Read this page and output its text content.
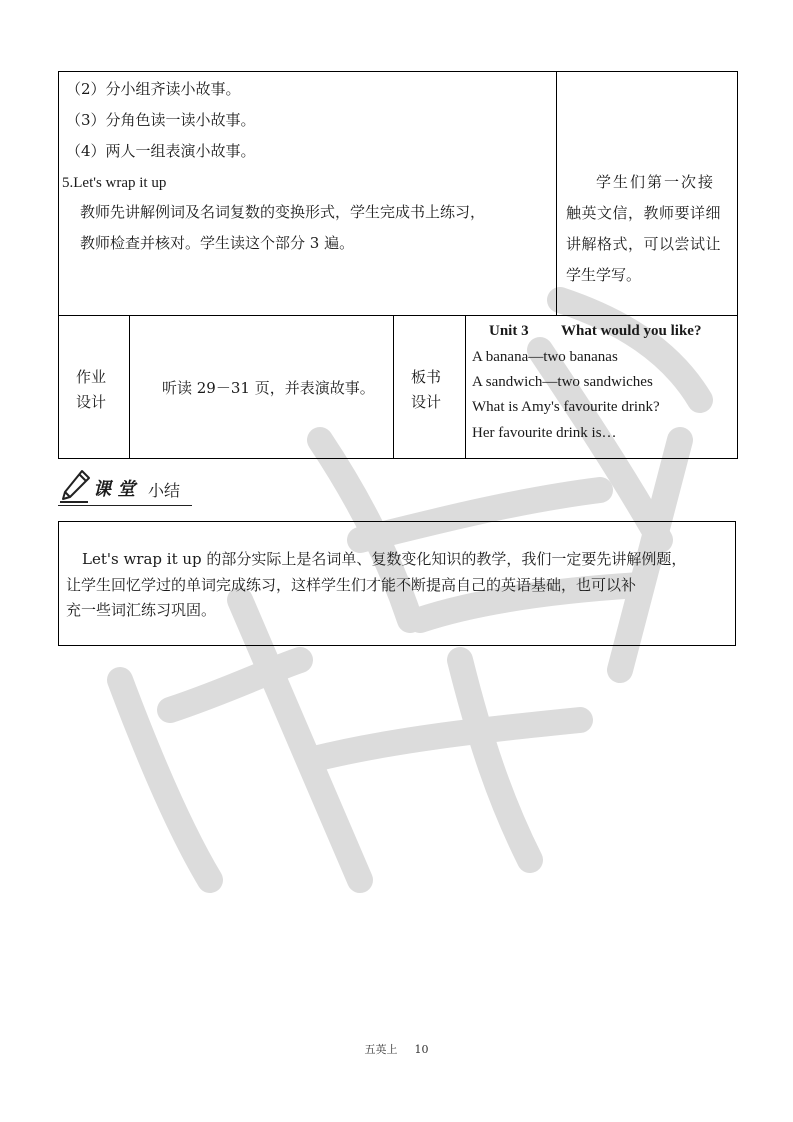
（2）分小组齐读小故事。
（3）分角色读一读小故事。
（4）两人一组表演小故事。
5.Let's wrap it up
教师先讲解例词及名词复数的变换形式，学生完成书上练习，
教师检查并核对。学生读这个部分 3 遍。
学生们第一次接
触英文信，教师要详细
讲解格式，可以尝试让
学生学写。
作业
设计
听读 29－31 页，并表演故事。
板书
设计
Unit 3 What would you like?
A banana—two bananas
A sandwich—two sandwiches
What is Amy's favourite drink?
Her favourite drink is…
课 堂 小结
Let's wrap it up 的部分实际上是名词单、复数变化知识的教学，我们一定要先讲解例题，
让学生回忆学过的单词完成练习，这样学生们才能不断提高自己的英语基础，也可以补
充一些词汇练习巩固。
五英上 10
